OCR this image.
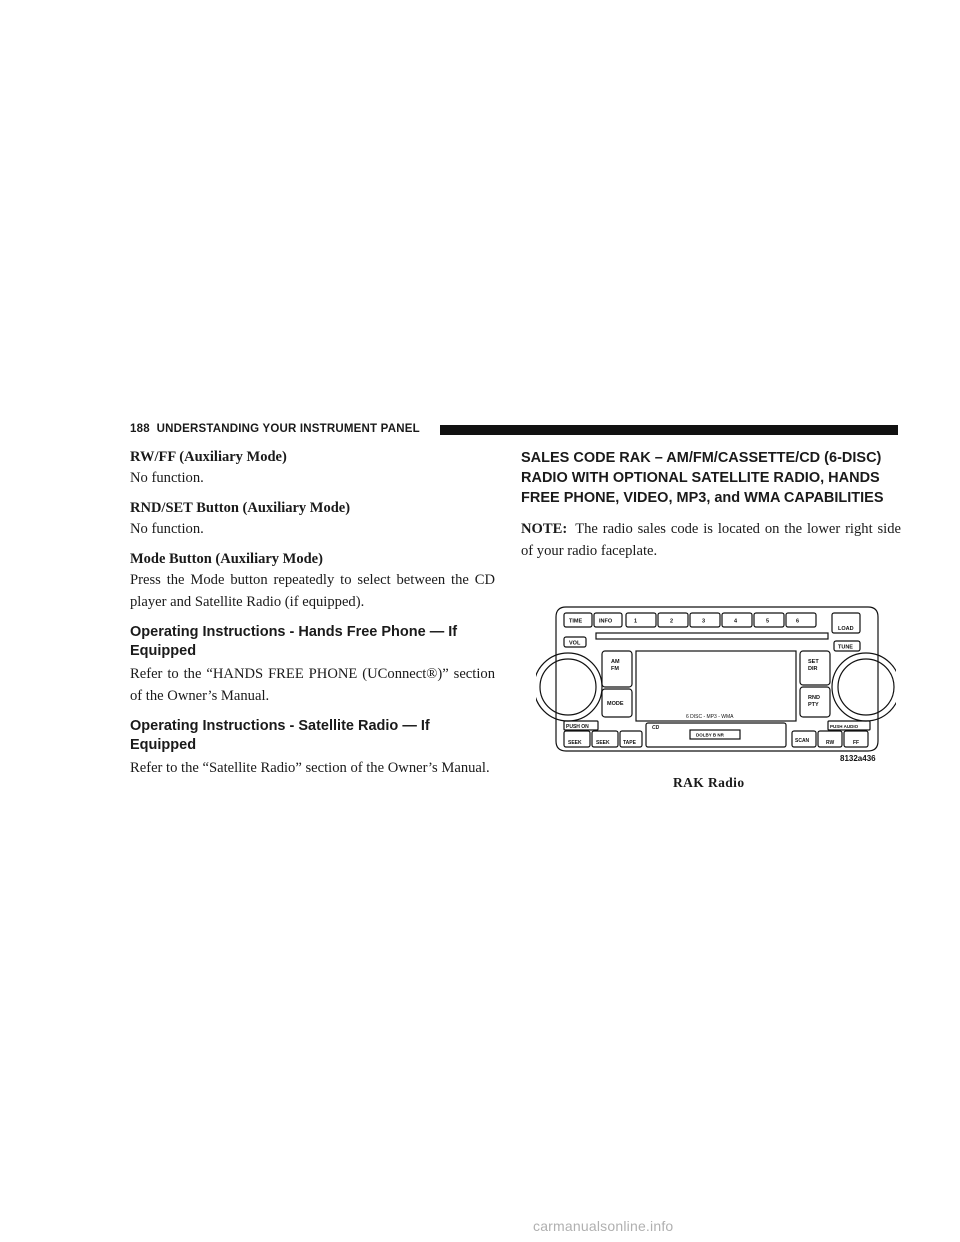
188 UNDERSTANDING YOUR INSTRUMENT PANEL

RW/FF (Auxiliary Mode)

No function.

RND/SET Button (Auxiliary Mode)

No function.

Mode Button (Auxiliary Mode)

Press the Mode button repeatedly to select between the CD player and Satellite Radio (if equipped).

Operating Instructions - Hands Free Phone — If Equipped

Refer to the “HANDS FREE PHONE (UConnect®)” section of the Owner’s Manual.

Operating Instructions - Satellite Radio — If Equipped

Refer to the “Satellite Radio” section of the Owner’s Manual.

SALES CODE RAK – AM/FM/CASSETTE/CD (6-DISC) RADIO WITH OPTIONAL SATELLITE RADIO, HANDS FREE PHONE, VIDEO, MP3, and WMA CAPABILITIES

NOTE: The radio sales code is located on the lower right side of your radio faceplate.

TIME	INFO	1	2	3	4	5	6
LOAD
VOL
TUNE
AM
FM
MODE
SET
DIR
RND
PTY
PUSH ON	PUSH AUDIO
6 DISC - MP3 - WMA
CD
DOLBY B NR
SEEK	SEEK	TAPE	SCAN	RW	FF
8132a436
RAK Radio
carmanualsonline.info
